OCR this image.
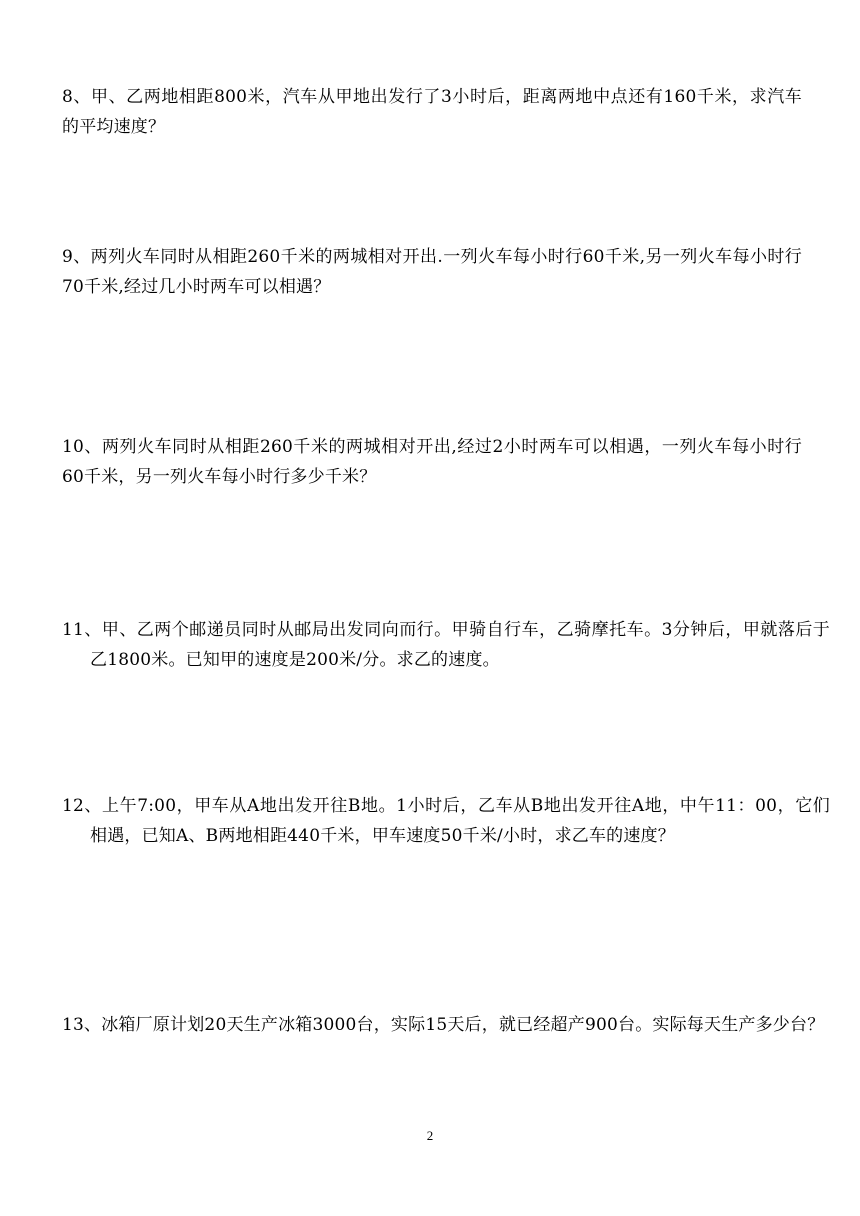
8、甲、乙两地相距800米，汽车从甲地出发行了3小时后，距离两地中点还有160千米，求汽车的平均速度？
9、两列火车同时从相距260千米的两城相对开出.一列火车每小时行60千米,另一列火车每小时行70千米,经过几小时两车可以相遇？
10、两列火车同时从相距260千米的两城相对开出,经过2小时两车可以相遇，一列火车每小时行60千米，另一列火车每小时行多少千米？
11、甲、乙两个邮递员同时从邮局出发同向而行。甲骑自行车，乙骑摩托车。3分钟后，甲就落后于乙1800米。已知甲的速度是200米/分。求乙的速度。
12、上午7:00，甲车从A地出发开往B地。1小时后，乙车从B地出发开往A地，中午11：00，它们相遇，已知A、B两地相距440千米，甲车速度50千米/小时，求乙车的速度？
13、冰箱厂原计划20天生产冰箱3000台，实际15天后，就已经超产900台。实际每天生产多少台？
2
